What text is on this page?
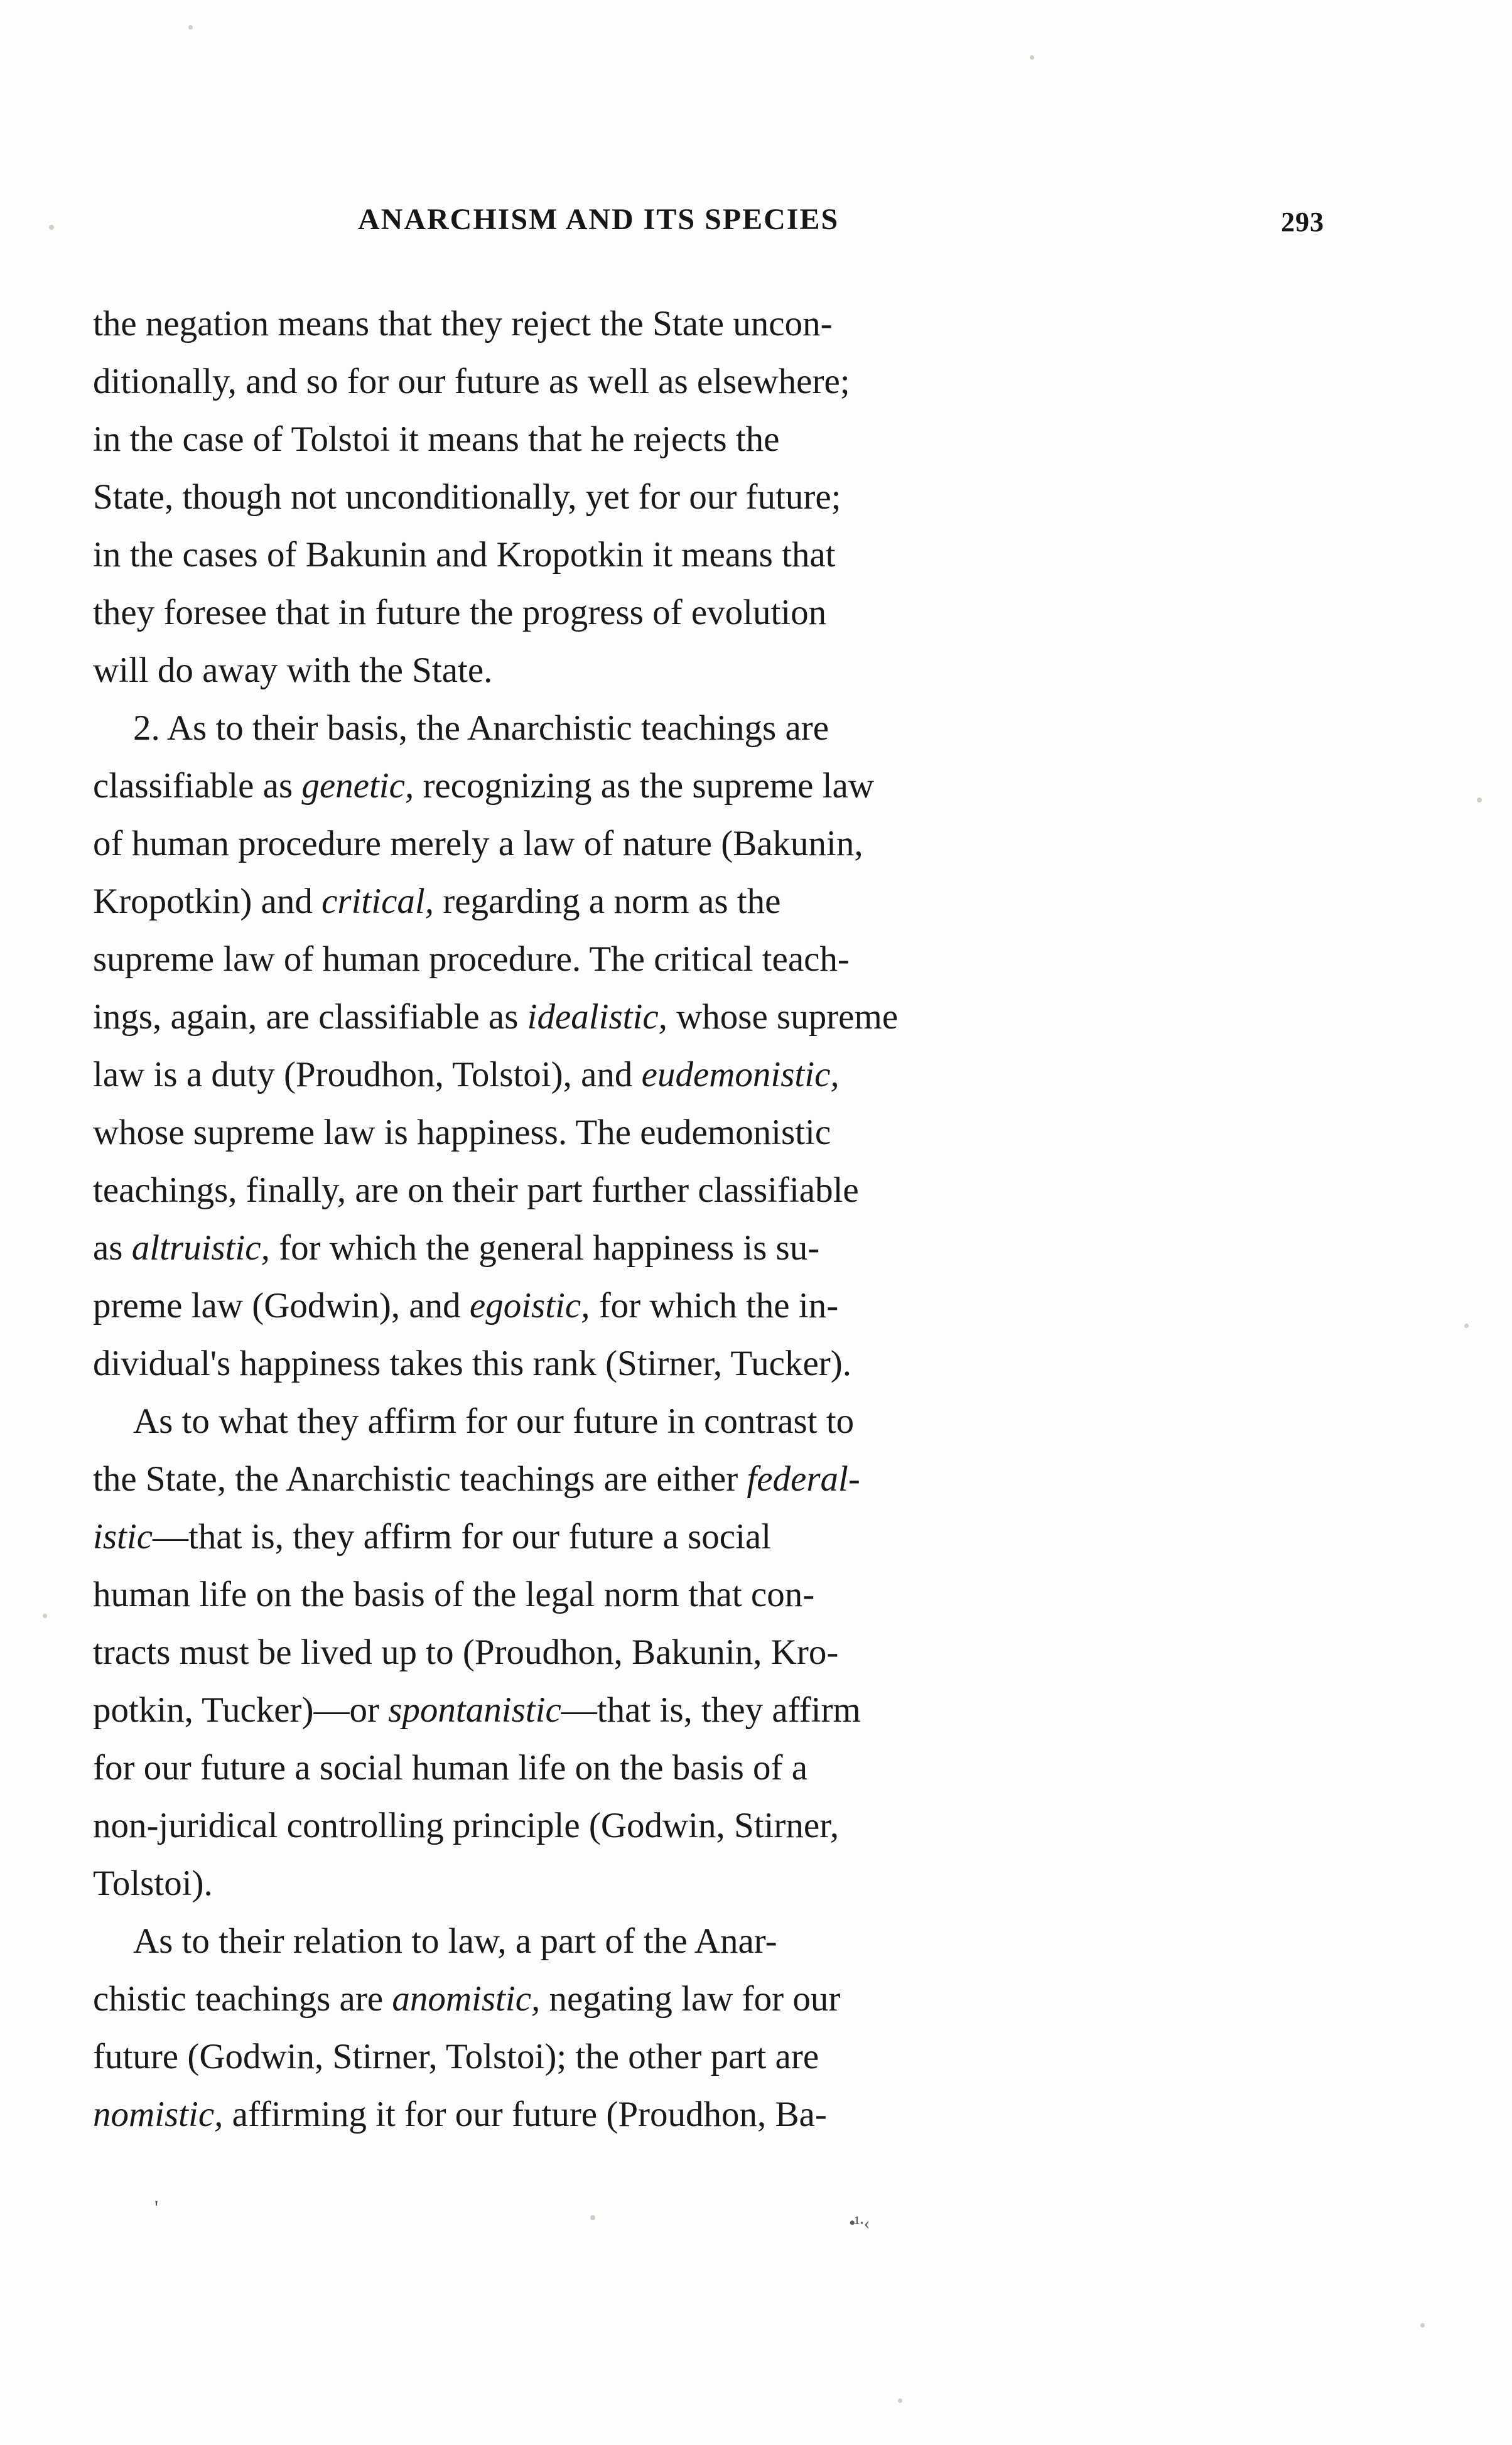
ANARCHISM AND ITS SPECIES	293
the negation means that they reject the State uncon-
ditionally, and so for our future as well as elsewhere;
in the case of Tolstoi it means that he rejects the
State, though not unconditionally, yet for our future;
in the cases of Bakunin and Kropotkin it means that
they foresee that in future the progress of evolution
will do away with the State.
2. As to their basis, the Anarchistic teachings are
classifiable as genetic, recognizing as the supreme law
of human procedure merely a law of nature (Bakunin,
Kropotkin) and critical, regarding a norm as the
supreme law of human procedure. The critical teach-
ings, again, are classifiable as idealistic, whose supreme
law is a duty (Proudhon, Tolstoi), and eudemonistic,
whose supreme law is happiness. The eudemonistic
teachings, finally, are on their part further classifiable
as altruistic, for which the general happiness is su-
preme law (Godwin), and egoistic, for which the in-
dividual's happiness takes this rank (Stirner, Tucker).
As to what they affirm for our future in contrast to
the State, the Anarchistic teachings are either federal-
istic—that is, they affirm for our future a social
human life on the basis of the legal norm that con-
tracts must be lived up to (Proudhon, Bakunin, Kro-
potkin, Tucker)—or spontanistic—that is, they affirm
for our future a social human life on the basis of a
non-juridical controlling principle (Godwin, Stirner,
Tolstoi).
As to their relation to law, a part of the Anar-
chistic teachings are anomistic, negating law for our
future (Godwin, Stirner, Tolstoi); the other part are
nomistic, affirming it for our future (Proudhon, Ba-
'
•¹·‹
